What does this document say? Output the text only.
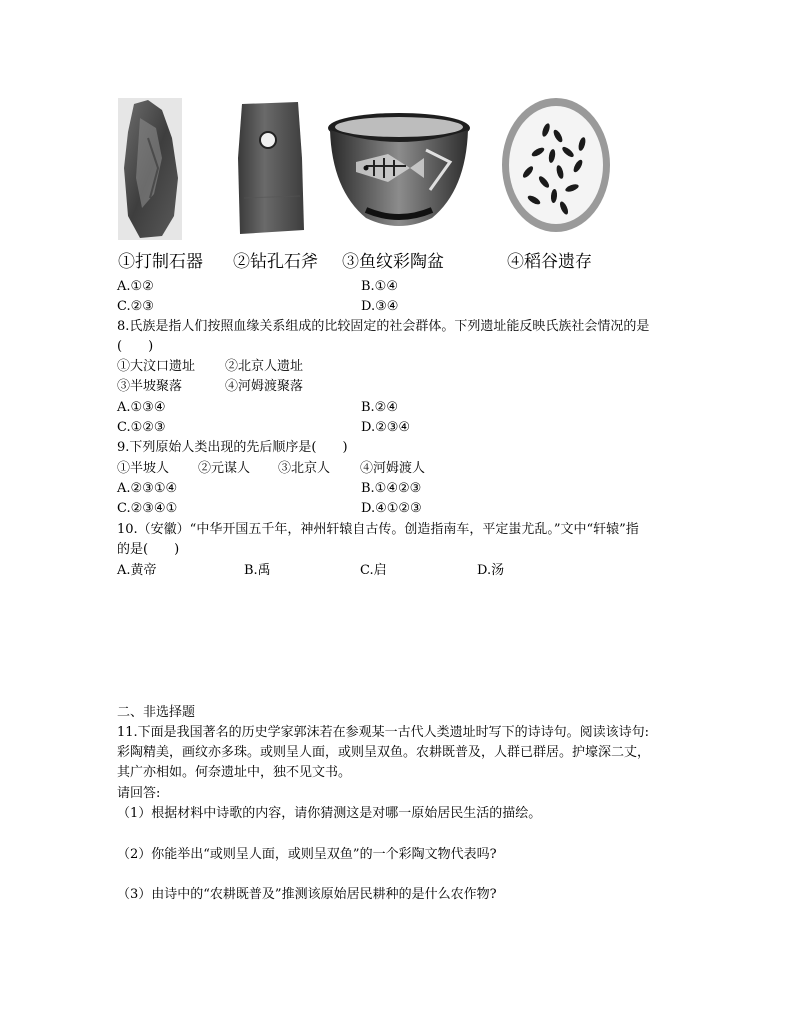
①打制石器 ②钻孔石斧 ③鱼纹彩陶盆	④稻谷遗存
A.①②	B.①④
C.②③	D.③④
8.氏族是指人们按照血缘关系组成的比较固定的社会群体。下列遗址能反映氏族社会情况的是
(　　)
①大汶口遗址 ②北京人遗址
③半坡聚落	④河姆渡聚落
A.①③④	B.②④
C.①②③	D.②③④
9.下列原始人类出现的先后顺序是(　　)
①半坡人 ②元谋人 ③北京人 ④河姆渡人
A.②③①④	B.①④②③
C.②③④①	D.④①②③
10.（安徽）“中华开国五千年，神州轩辕自古传。创造指南车，平定蚩尤乱。”文中“轩辕”指
的是(　　)
A.黄帝	B.禹	C.启	D.汤
二、非选择题
11.下面是我国著名的历史学家郭沫若在参观某一古代人类遗址时写下的诗诗句。阅读该诗句:
彩陶精美，画纹亦多珠。或则呈人面，或则呈双鱼。农耕既普及，人群已群居。护壕深二丈，
其广亦相如。何奈遗址中，独不见文书。
请回答:
（1）根据材料中诗歌的内容，请你猜测这是对哪一原始居民生活的描绘。
（2）你能举出“或则呈人面，或则呈双鱼”的一个彩陶文物代表吗?
（3）由诗中的“农耕既普及”推测该原始居民耕种的是什么农作物?
